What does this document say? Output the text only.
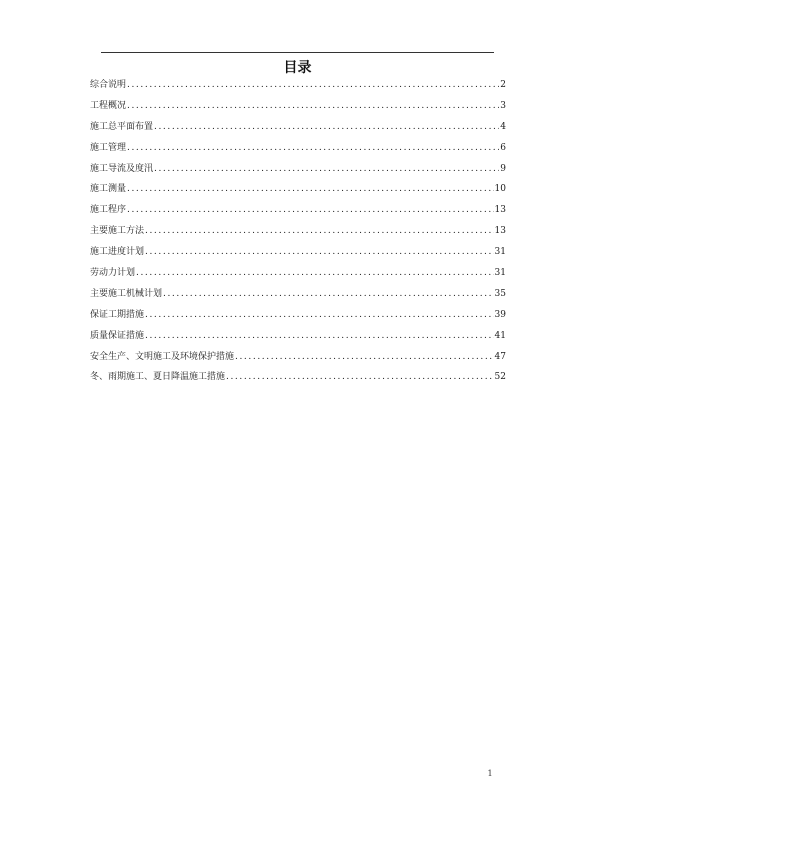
目录
综合说明 .....	2
工程概况 .....	3
施工总平面布置 .....	4
施工管理 .....	6
施工导流及度汛 .....	9
施工测量 .....	10
施工程序 .....	13
主要施工方法 .....	13
施工进度计划 .....	31
劳动力计划 .....	31
主要施工机械计划 .....	35
保证工期措施 .....	39
质量保证措施 .....	41
安全生产、文明施工及环境保护措施 .....	47
冬、雨期施工、夏日降温施工措施 .....	52
1
